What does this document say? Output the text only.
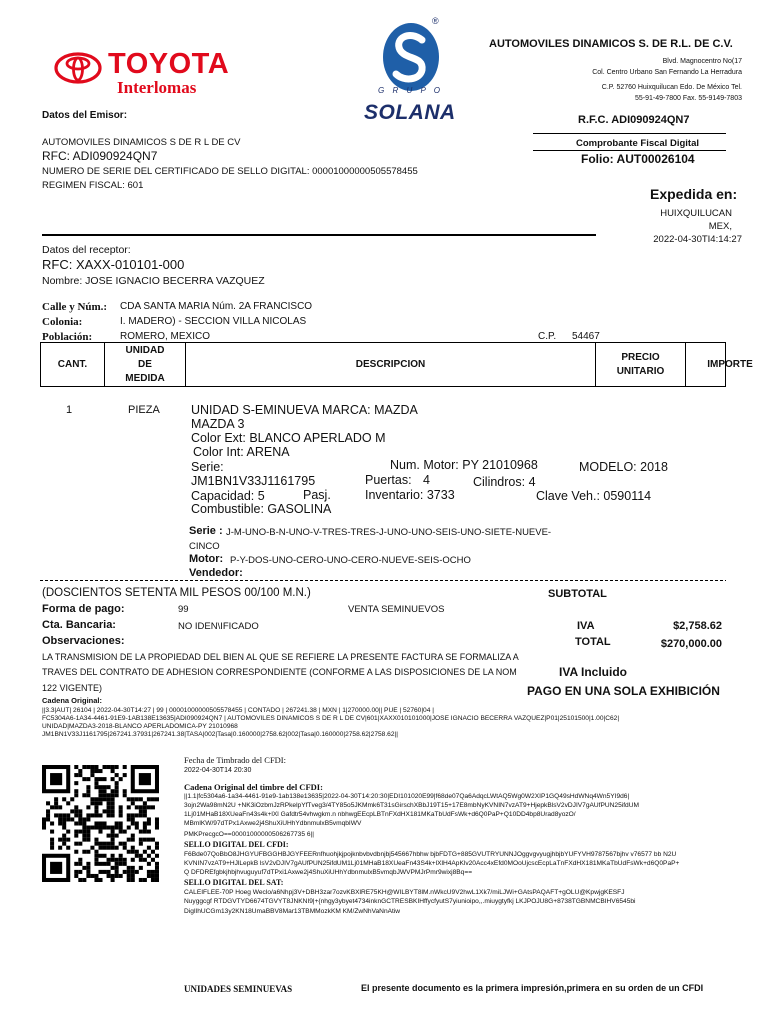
TOYOTA
Interlomas
®
G R U P O
SOLANA
AUTOMOVILES DINAMICOS S. DE R.L. DE C.V.
Blvd. Magnocentro No(17
Col. Centro Urbano San Fernando La Herradura
C.P. 52760 Huixquilucan Edo. De México Tel.
55-91-49-7800 Fax. 55-9149-7803
R.F.C. ADI090924QN7
Comprobante Fiscal Digital
Folio: AUT00026104
Datos del Emisor:
AUTOMOVILES DINAMICOS S DE R L DE CV
RFC: ADI090924QN7
NUMERO DE SERIE DEL CERTIFICADO DE SELLO DIGITAL: 00001000000505578455
REGIMEN FISCAL: 601
Expedida en:
HUIXQUILUCAN
MEX,
2022-04-30TI4:14:27
Datos del receptor:
RFC: XAXX-010101-000
Nombre: JOSE IGNACIO BECERRA VAZQUEZ
Calle y Núm.: CDA SANTA MARIA Núm. 2A FRANCISCO
Colonia:	I. MADERO) - SECCION VILLA NICOLAS
Población:	ROMERO, MEXICO	C.P. 54467
CANT.
UNIDAD
DE
MEDIDA
DESCRIPCION
PRECIO
UNITARIO
IMPORTE
1	PIEZA UNIDAD S-EMINUEVA MARCA: MAZDA
MAZDA 3
Color Ext: BLANCO APERLADO M
Color Int: ARENA
Serie:	Num. Motor: PY 21010968	MODELO: 2018
JM1BN1V33J1161795	Puertas: 4	Cilindros: 4
Capacidad: 5	Pasj.	Inventario: 3733	Clave Veh.: 0590114
Combustible: GASOLINA
Serie : J-M-UNO-B-N-UNO-V-TRES-TRES-J-UNO-UNO-SEIS-UNO-SIETE-NUEVE-
CINCO
Motor: P-Y-DOS-UNO-CERO-UNO-CERO-NUEVE-SEIS-OCHO
Vendedor:
(DOSCIENTOS SETENTA MIL PESOS 00/100 M.N.)
Forma de pago:	99	VENTA SEMINUEVOS
Cta. Bancaria:	NO IDEN\IFICADO
Observaciones:
SUBTOTAL
IVA	$2,758.62
TOTAL	$270,000.00
LA TRANSMISION DE LA PROPIEDAD DEL BIEN AL QUE SE REFIERE LA PRESENTE FACTURA SE FORMALIZA A
TRAVES DEL CONTRATO DE ADHESION CORRESPONDIENTE (CONFORME A LAS DISPOSICIONES DE LA NOM
122 VIGENTE)
IVA Incluido
PAGO EN UNA SOLA EXHIBICIÓN
Cadena Original:
||3.3|AUT| 26104 | 2022-04-30T14:27 | 99 | 00001000000505578455 | CONTADO | 267241.38 | MXN | 1|270000.00|| PUE | 52760|04 |
FC5304A6-1A34-4461-91E9-1AB138E13635|ADI090924QN7 | AUTOMOVILES DINAMICOS S DE R L DE CV|601|XAXX010101000|JOSE IGNACIO BECERRA VAZQUEZ|P01|25101500|1.00|C62|
UNIDAD|MAZDA3-2018-BLANCO APERLADOMICA-PY 21010968
JM1BN1V33J1161795|267241.37931|267241.38|TASA|002|Tasa|0.160000|2758.62|002|Tasa|0.160000|2758.62|2758.62||
Fecha de Timbrado del CFDI:
2022-04-30T14 20:30
Cadena Original del timbre del CFDI:
||1.1|fc5304a6-1a34-4461-91e9-1ab138e13635|2022-04-30T14:20:30|EDI101020E99|f68de07Qa6AdqcLWtAQ5Wg0W2XIP1GQ49sHdWNq4Wn5YI9d6|
3ojn2Wa98mN2U +NK3iOzbmJzRPkelpYfTveg3/4TY85o5JKMmk6T31sGirschXBbJ19T15+17E8mbNyKVNIN7vzAT9+HjepkBlsV2vDJIV7gAUfPUN25ifdUM
1Lj01MHaB18XUeaFn43s4k+lXl Gafdtr54vhwgkm.n nbhwgEEcpLBTnFXdHX181MKaTbUdFsWk+d6Q0PaP+Q10DD4bp8Urad8yozO/
MBmlKW/97dTPx1Axwe2j4ShuXiUHhYdbnmulxB5vmqbIWV
PMKPrecgcO==00001000000506267735 6||
SELLO DIGITAL DEL CFDI:
F6Bde07QoBbO8JHGYUFBGGHBJGYFEERnfhuohjkjpojknbvbvdbnjbj545667hbhw bjbFDTG+885GVUTRYUNNJOggvgvyugjhbjbYUFYVH9787567bjhv v76577 bb N2U
KVNIN7vzAT9+HJlLepkB lsV2vDJIV7gAUfPUN25ifdUM1Lj01MHaB18XUeaFn43S4k+lXlH4ApKlv20Acc4xEfd0MOoUjcscEcpLaTnFXdHX181MKaTbUdFsWk+d6Q0PaP+
Q DFDREfgbkjhbjhvuguyuf7dTPxi1Axwe2j4ShuXiUHhYdbnmulxB5vmqbJWVPMJrPmr9wixj8Bq==
SELLO DIGITAL DEL SAT:
CALEIFLEE-70P Hoeg Weclo/a6Nhpj3V+DBH3zar7ozvKBXlRE75KH@WILBYT8lM.nWkcU9V2hwL1Xk7/miLJWi+GAtsPAQAFT+gOLU@KpwjgKESFJ
Nuyggcgf RTDGVTYD6674TGVYT8JNKNI9|+{nhgy3ybyet4734inknGCTRESBKIHffycfyutS7yiunioipo,,.miuygtyfkj LKJPOJU8G+8738TGBNMCBIHV6545bi
DigIlhUCGm13y2KN18UmaBBV8Mar13TBMMozkKM KM/ZwNhVaNnAtiw
UNIDADES SEMINUEVAS	El presente documento es la primera impresión,primera en su orden de un CFDI
